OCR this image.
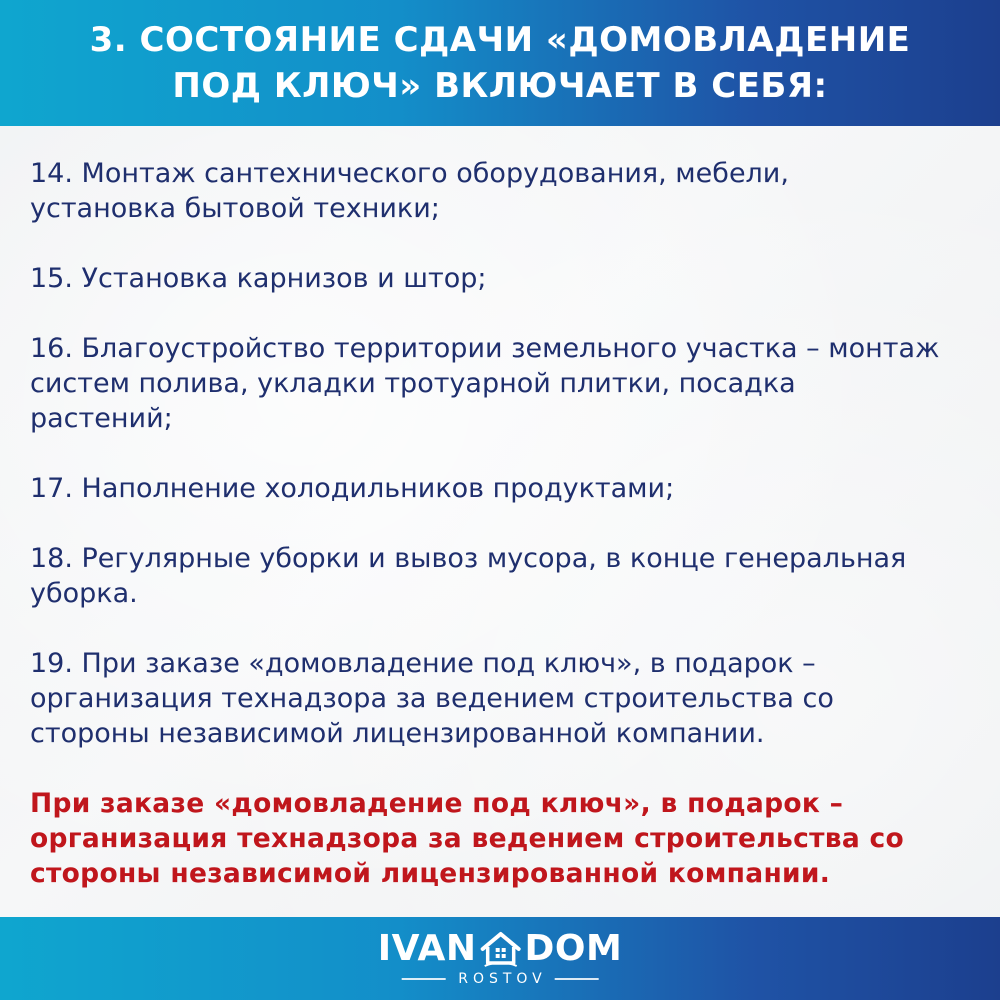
3. СОСТОЯНИЕ СДАЧИ «ДОМОВЛАДЕНИЕ
ПОД КЛЮЧ» ВКЛЮЧАЕТ В СЕБЯ:
14. Монтаж сантехнического оборудования, мебели,
установка бытовой техники;
15. Установка карнизов и штор;
16. Благоустройство территории земельного участка – монтаж
систем полива, укладки тротуарной плитки, посадка
растений;
17. Наполнение холодильников продуктами;
18. Регулярные уборки и вывоз мусора, в конце генеральная
уборка.
19. При заказе «домовладение под ключ», в подарок –
организация технадзора за ведением строительства со
стороны независимой лицензированной компании.
При заказе «домовладение под ключ», в подарок –
организация технадзора за ведением строительства со
стороны независимой лицензированной компании.
IVAN DOM
ROSTOV
